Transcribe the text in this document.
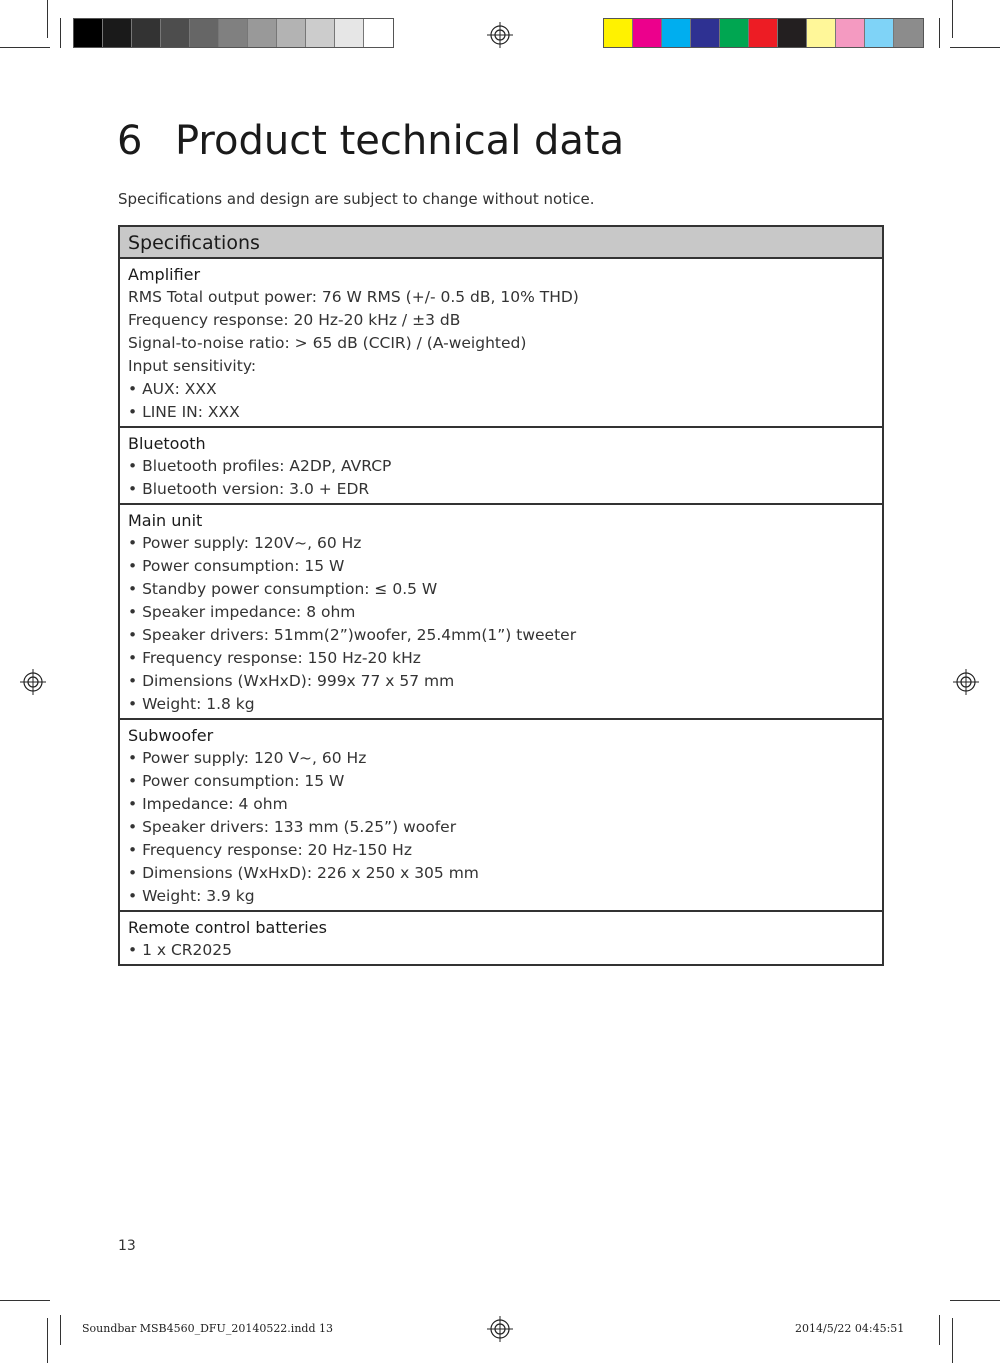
6 Product technical data
Specifications and design are subject to change without notice.
Specifications
Amplifier
RMS Total output power: 76 W RMS (+/- 0.5 dB, 10% THD)
Frequency response: 20 Hz-20 kHz / ±3 dB
Signal-to-noise ratio: > 65 dB (CCIR) / (A-weighted)
Input sensitivity:
• AUX: XXX
• LINE IN: XXX
Bluetooth
• Bluetooth profiles: A2DP, AVRCP
• Bluetooth version: 3.0 + EDR
Main unit
• Power supply: 120V~, 60 Hz
• Power consumption: 15 W
• Standby power consumption: ≤ 0.5 W
• Speaker impedance: 8 ohm
• Speaker drivers: 51mm(2”)woofer, 25.4mm(1”) tweeter
• Frequency response: 150 Hz-20 kHz
• Dimensions (WxHxD): 999x 77 x 57 mm
• Weight: 1.8 kg
Subwoofer
• Power supply: 120 V~, 60 Hz
• Power consumption: 15 W
• Impedance: 4 ohm
• Speaker drivers: 133 mm (5.25”) woofer
• Frequency response: 20 Hz-150 Hz
• Dimensions (WxHxD): 226 x 250 x 305 mm
• Weight: 3.9 kg
Remote control batteries
• 1 x CR2025
13
Soundbar MSB4560_DFU_20140522.indd 13	2014/5/22 04:45:51
